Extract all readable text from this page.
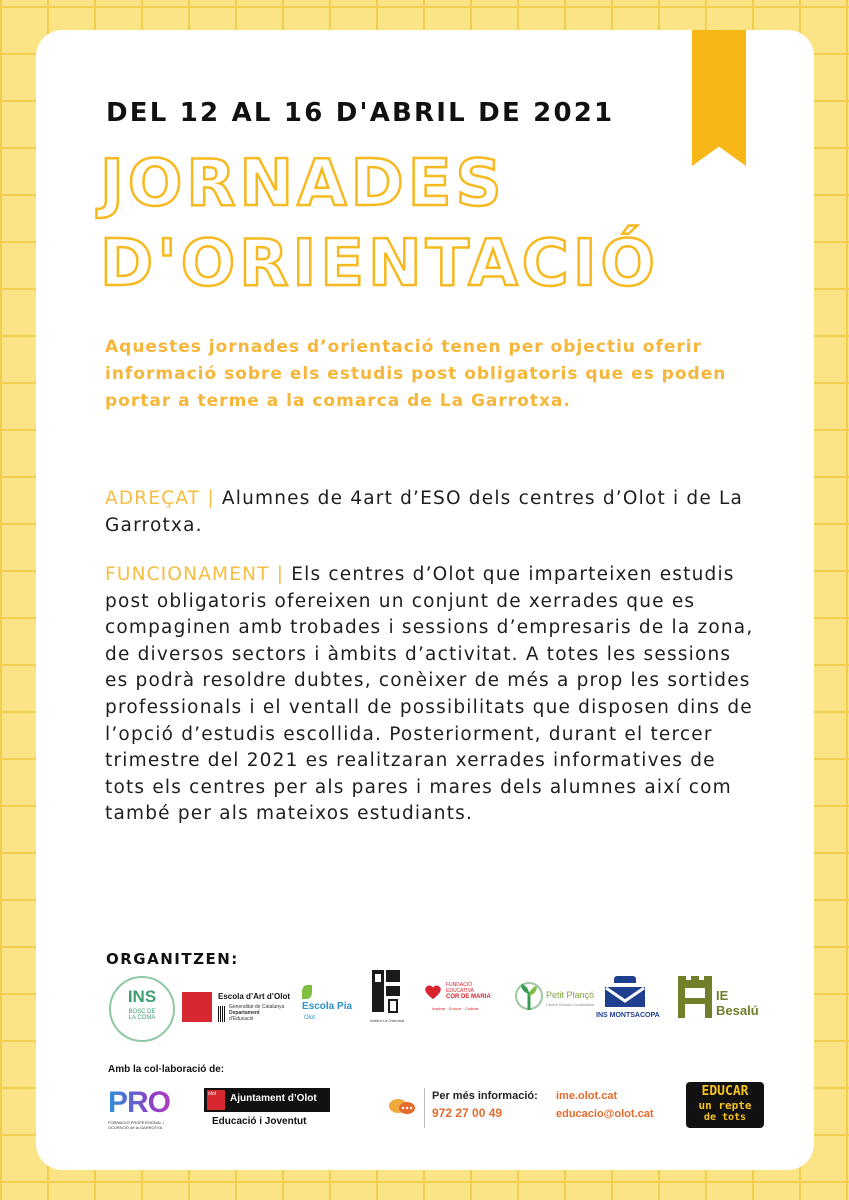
DEL 12 AL 16 D'ABRIL DE 2021
JORNADES
D'ORIENTACIÓ

Aquestes jornades d’orientació tenen per objectiu oferir informació sobre els estudis post obligatoris que es poden portar a terme a la comarca de La Garrotxa.

ADREÇAT | Alumnes de 4art d’ESO dels centres d’Olot i de La Garrotxa.

FUNCIONAMENT | Els centres d’Olot que imparteixen estudis post obligatoris ofereixen un conjunt de xerrades que es compaginen amb trobades i sessions d’empresaris de la zona, de diversos sectors i àmbits d’activitat. A totes les sessions es podrà resoldre dubtes, conèixer de més a prop les sortides professionals i el ventall de possibilitats que disposen dins de l’opció d’estudis escollida. Posteriorment, durant el tercer trimestre del 2021 es realitzaran xerrades informatives de tots els centres per als pares i mares dels alumnes així com també per als mateixos estudiants.

ORGANITZEN:
INS
BOSC DE
LA COMA
Escola d’Art d’Olot
Generalitat de Catalunya
Departament
d’Educació
Escola Pia
Olot	Institut La Garrotxa
FUNDACIÓ
EDUCATIVA
COR DE MARIA
Inspirar · Educar · Cultivar
Petit Plançó
Centre Escola Cooperativa
INS MONTSACOPA
IE
Besalú
Amb la col·laboració de:
PRO
FORMACIÓ PROFESSIONAL I
OCUPACIÓ de la GARROTXA
olot Ajuntament d’Olot
Educació i Joventut
Per més informació:
972 27 00 49
ime.olot.cat
educacio@olot.cat
EDUCAR
un repte
de tots
